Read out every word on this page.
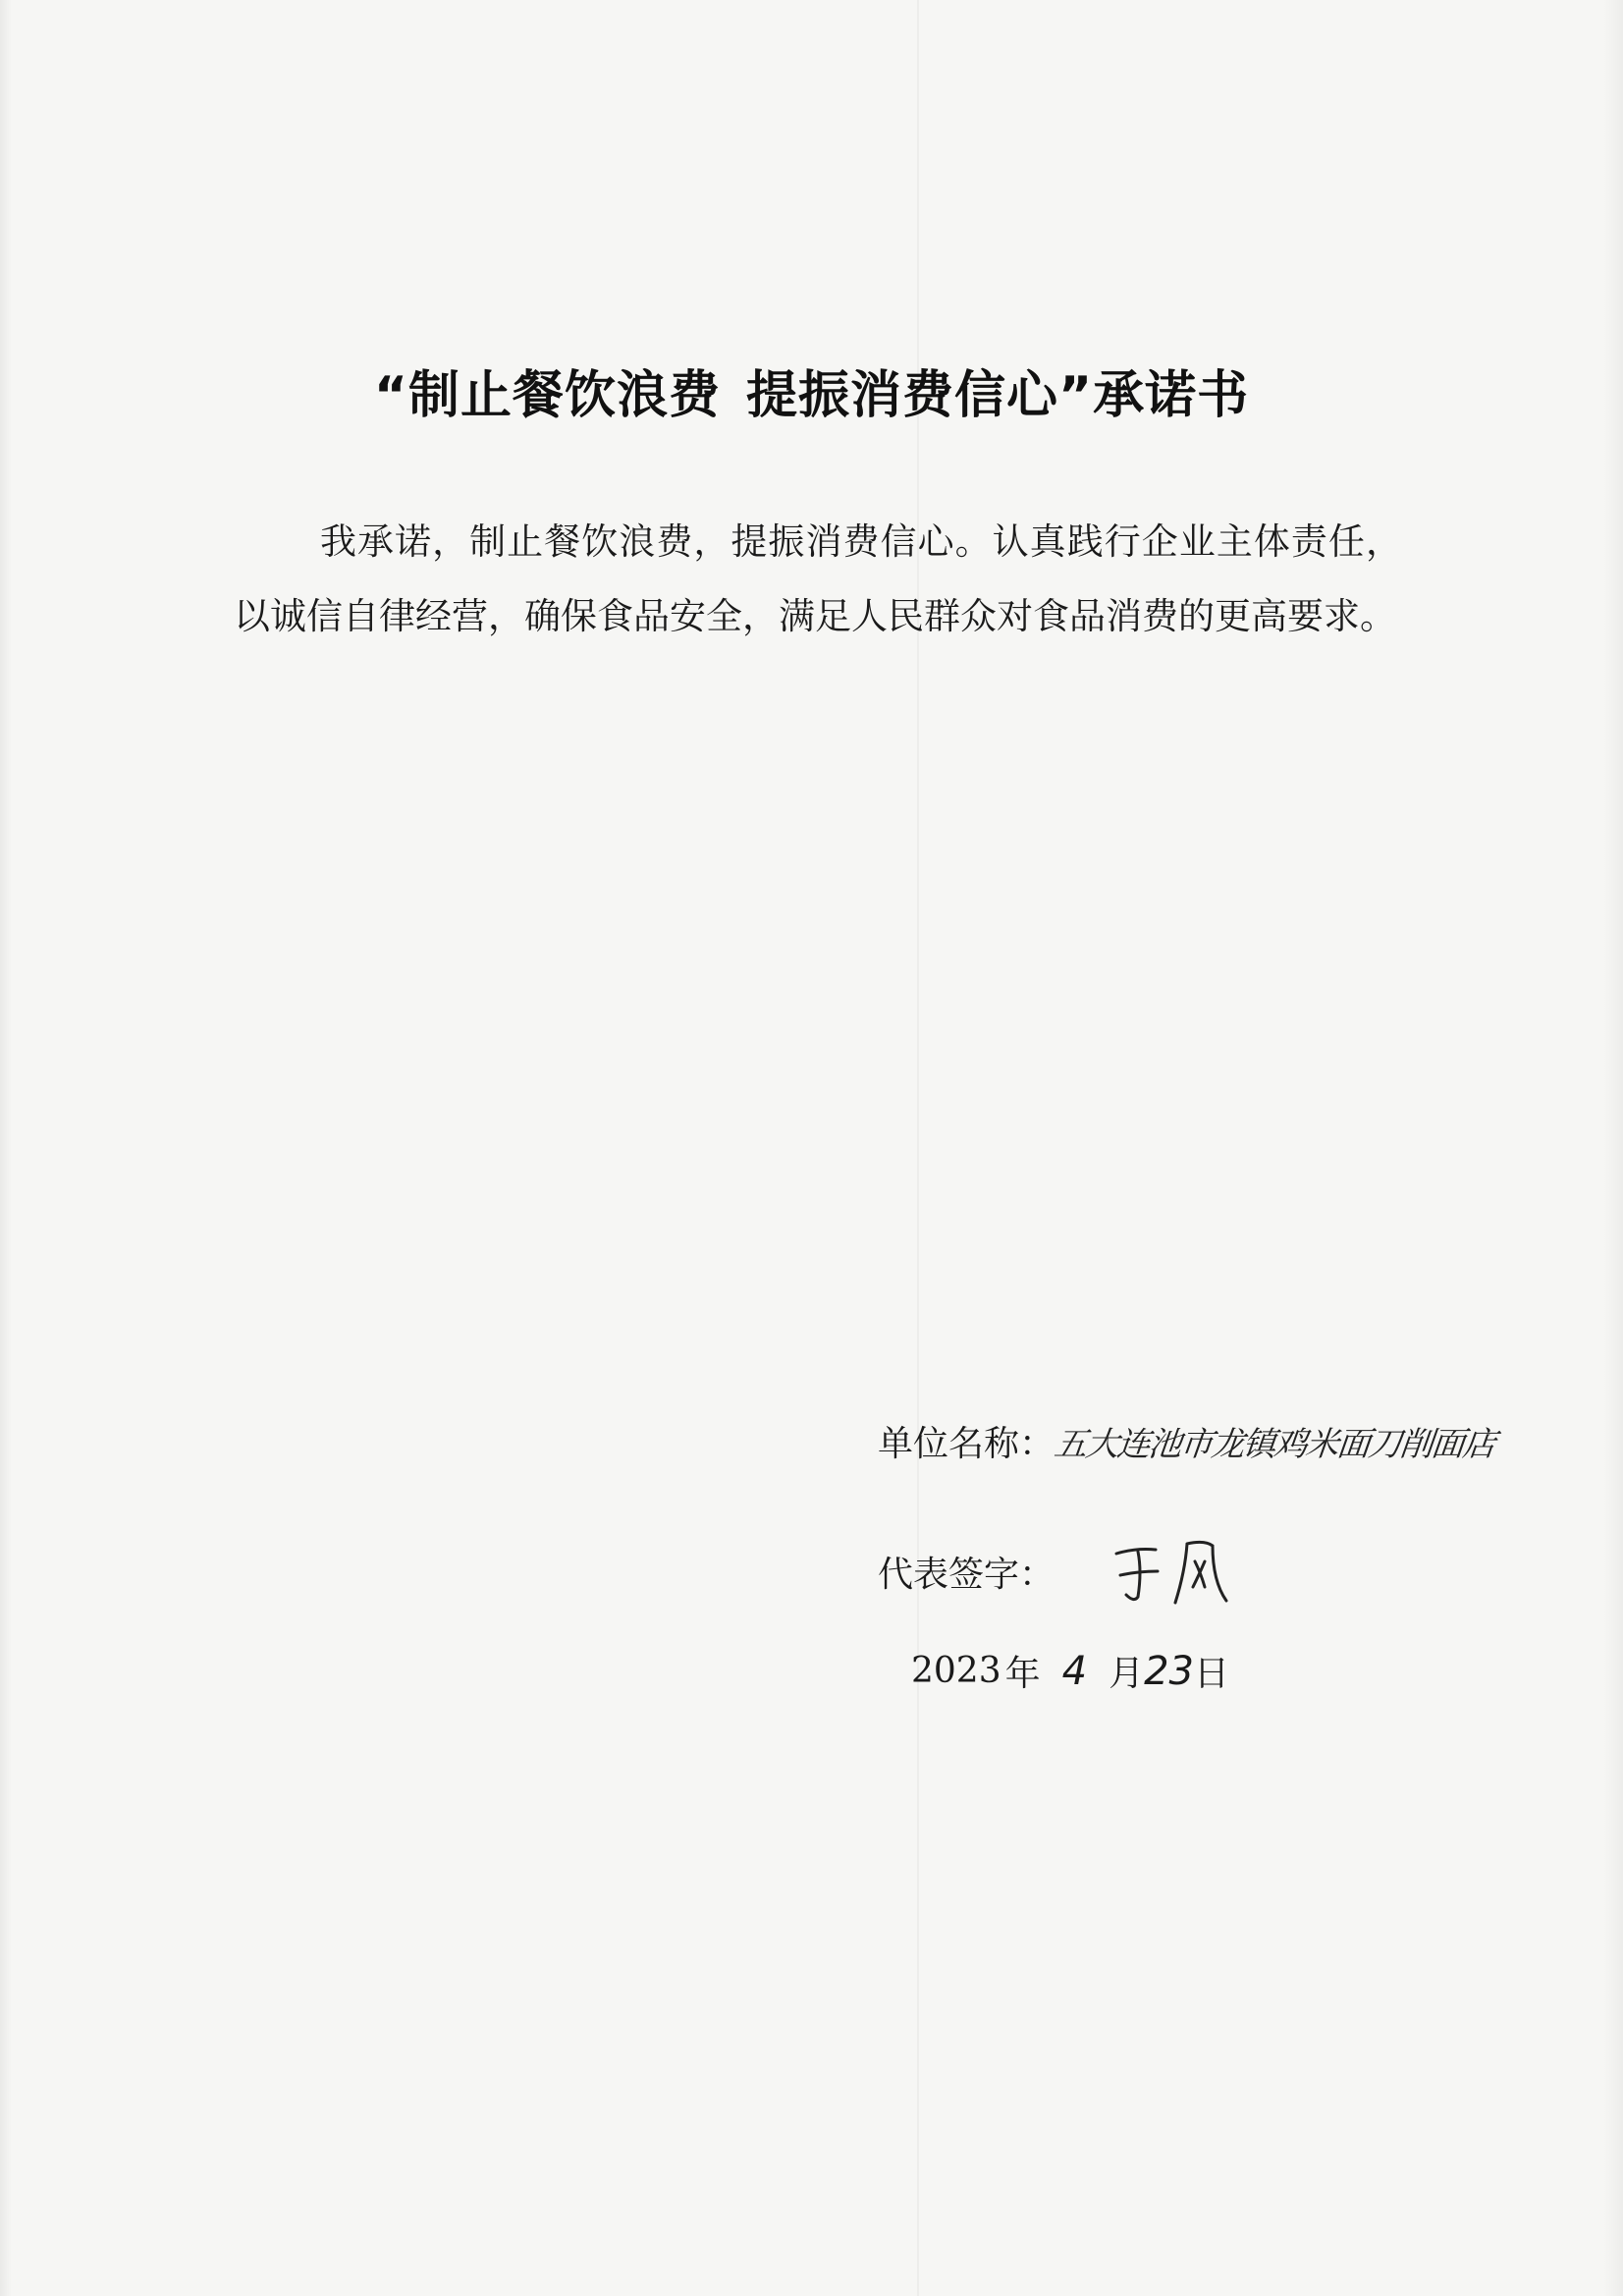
“制止餐饮浪费 提振消费信心”承诺书
我承诺，制止餐饮浪费，提振消费信心。认真践行企业主体责任，以诚信自律经营，确保食品安全，满足人民群众对食品消费的更高要求。
单位名称：五大连池市龙镇鸡米面刀削面店
代表签字：
2023 年 4 月23日
